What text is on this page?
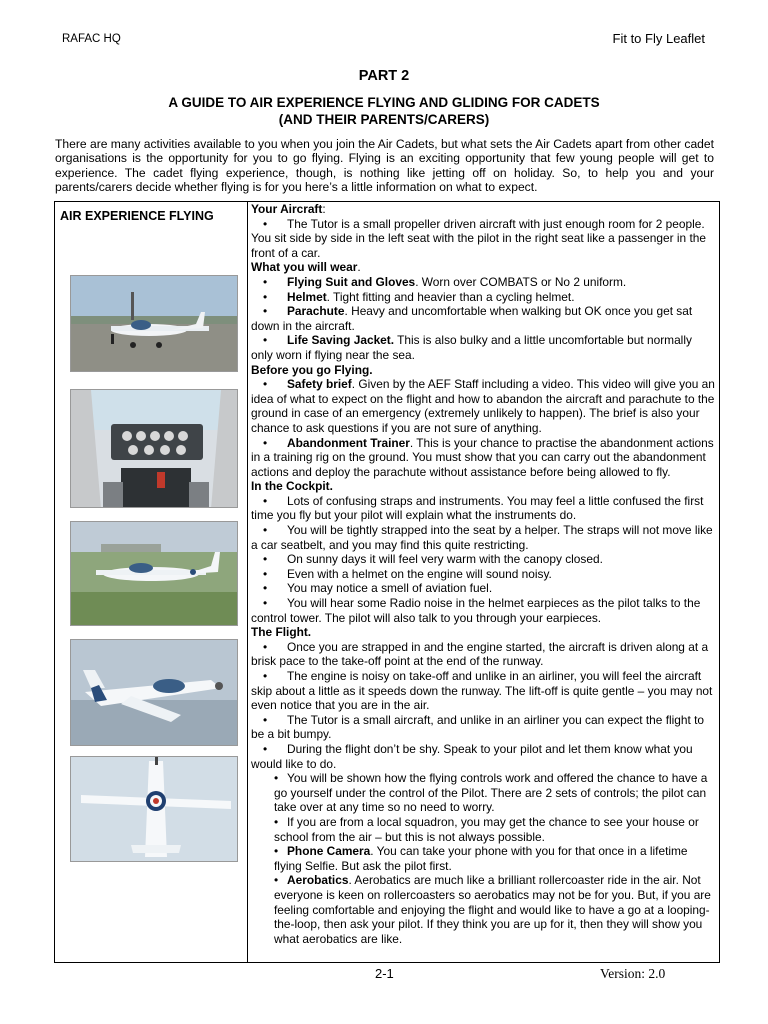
RAFAC HQ	Fit to Fly Leaflet
PART 2
A GUIDE TO AIR EXPERIENCE FLYING AND GLIDING FOR CADETS
(AND THEIR PARENTS/CARERS)
There are many activities available to you when you join the Air Cadets, but what sets the Air Cadets apart from other cadet organisations is the opportunity for you to go flying. Flying is an exciting opportunity that few young people will get to experience. The cadet flying experience, though, is nothing like jetting off on holiday. So, to help you and your parents/carers decide whether flying is for you here’s a little information on what to expect.
AIR EXPERIENCE FLYING	Your Aircraft:

• The Tutor is a small propeller driven aircraft with just enough room for 2 people. You sit side by side in the left seat with the pilot in the right seat like a passenger in the front of a car.

What you will wear.

• Flying Suit and Gloves. Worn over COMBATS or No 2 uniform.

• Helmet. Tight fitting and heavier than a cycling helmet.

• Parachute. Heavy and uncomfortable when walking but OK once you get sat down in the aircraft.

• Life Saving Jacket. This is also bulky and a little uncomfortable but normally only worn if flying near the sea.

Before you go Flying.

• Safety brief. Given by the AEF Staff including a video. This video will give you an idea of what to expect on the flight and how to abandon the aircraft and parachute to the ground in case of an emergency (extremely unlikely to happen). The brief is also your chance to ask questions if you are not sure of anything.

• Abandonment Trainer. This is your chance to practise the abandonment actions in a training rig on the ground. You must show that you can carry out the abandonment actions and deploy the parachute without assistance before being allowed to fly.

In the Cockpit.

• Lots of confusing straps and instruments. You may feel a little confused the first time you fly but your pilot will explain what the instruments do.

• You will be tightly strapped into the seat by a helper. The straps will not move like a car seatbelt, and you may find this quite restricting.

• On sunny days it will feel very warm with the canopy closed.

• Even with a helmet on the engine will sound noisy.

• You may notice a smell of aviation fuel.

• You will hear some Radio noise in the helmet earpieces as the pilot talks to the control tower. The pilot will also talk to you through your earpieces.

The Flight.

• Once you are strapped in and the engine started, the aircraft is driven along at a brisk pace to the take-off point at the end of the runway.

• The engine is noisy on take-off and unlike in an airliner, you will feel the aircraft skip about a little as it speeds down the runway. The lift-off is quite gentle – you may not even notice that you are in the air.

• The Tutor is a small aircraft, and unlike in an airliner you can expect the flight to be a bit bumpy.

• During the flight don’t be shy. Speak to your pilot and let them know what you would like to do.

• You will be shown how the flying controls work and offered the chance to have a go yourself under the control of the Pilot. There are 2 sets of controls; the pilot can take over at any time so no need to worry.

• If you are from a local squadron, you may get the chance to see your house or school from the air – but this is not always possible.

• Phone Camera. You can take your phone with you for that once in a lifetime flying Selfie. But ask the pilot first.

• Aerobatics. Aerobatics are much like a brilliant rollercoaster ride in the air. Not everyone is keen on rollercoasters so aerobatics may not be for you. But, if you are feeling comfortable and enjoying the flight and would like to have a go at a looping-the-loop, then ask your pilot. If they think you are up for it, then they will show you what aerobatics are like.

2-1	Version: 2.0
